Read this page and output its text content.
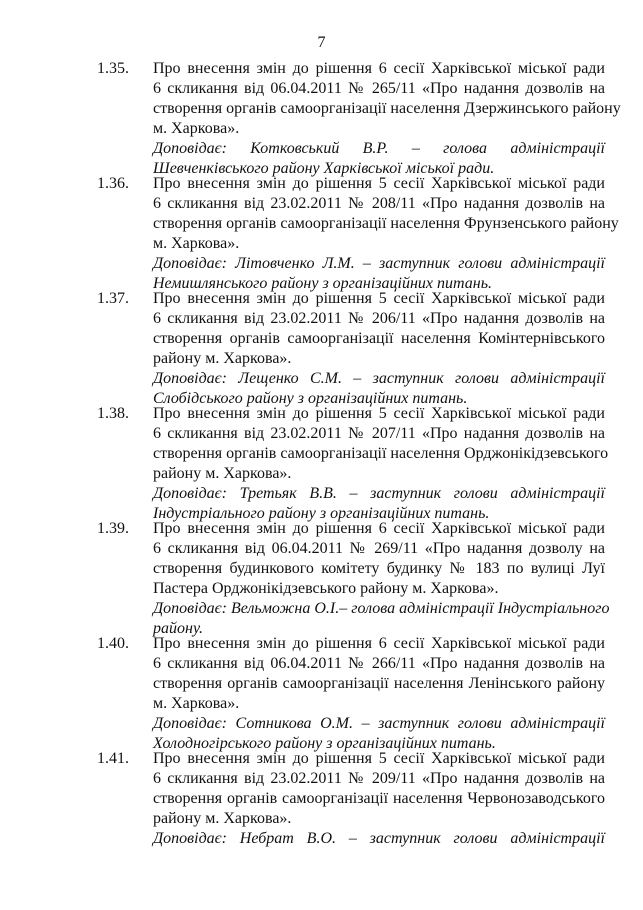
7
1.35. Про внесення змін до рішення 6 сесії Харківської міської ради
6 скликання від 06.04.2011 № 265/11 «Про надання дозволів на
створення органів самоорганізації населення Дзержинського району
м. Харкова».
Доповідає: Котковський В.Р. – голова адміністрації
Шевченківського району Харківської міської ради.
1.36. Про внесення змін до рішення 5 сесії Харківської міської ради
6 скликання від 23.02.2011 № 208/11 «Про надання дозволів на
створення органів самоорганізації населення Фрунзенського району
м. Харкова».
Доповідає: Літовченко Л.М. – заступник голови адміністрації
Немишлянського району з організаційних питань.
1.37. Про внесення змін до рішення 5 сесії Харківської міської ради
6 скликання від 23.02.2011 № 206/11 «Про надання дозволів на
створення органів самоорганізації населення Комінтернівського
району м. Харкова».
Доповідає: Лещенко С.М. – заступник голови адміністрації
Слобідського району з організаційних питань.
1.38. Про внесення змін до рішення 5 сесії Харківської міської ради
6 скликання від 23.02.2011 № 207/11 «Про надання дозволів на
створення органів самоорганізації населення Орджонікідзевського
району м. Харкова».
Доповідає: Третьяк В.В. – заступник голови адміністрації
Індустріального району з організаційних питань.
1.39. Про внесення змін до рішення 6 сесії Харківської міської ради
6 скликання від 06.04.2011 № 269/11 «Про надання дозволу на
створення будинкового комітету будинку № 183 по вулиці Луї
Пастера Орджонікідзевського району м. Харкова».
Доповідає: Вельможна О.І.– голова адміністрації Індустріального
району.
1.40. Про внесення змін до рішення 6 сесії Харківської міської ради
6 скликання від 06.04.2011 № 266/11 «Про надання дозволів на
створення органів самоорганізації населення Ленінського району
м. Харкова».
Доповідає: Сотникова О.М. – заступник голови адміністрації
Холодногірського району з організаційних питань.
1.41. Про внесення змін до рішення 5 сесії Харківської міської ради
6 скликання від 23.02.2011 № 209/11 «Про надання дозволів на
створення органів самоорганізації населення Червонозаводського
району м. Харкова».
Доповідає: Небрат В.О. – заступник голови адміністрації
